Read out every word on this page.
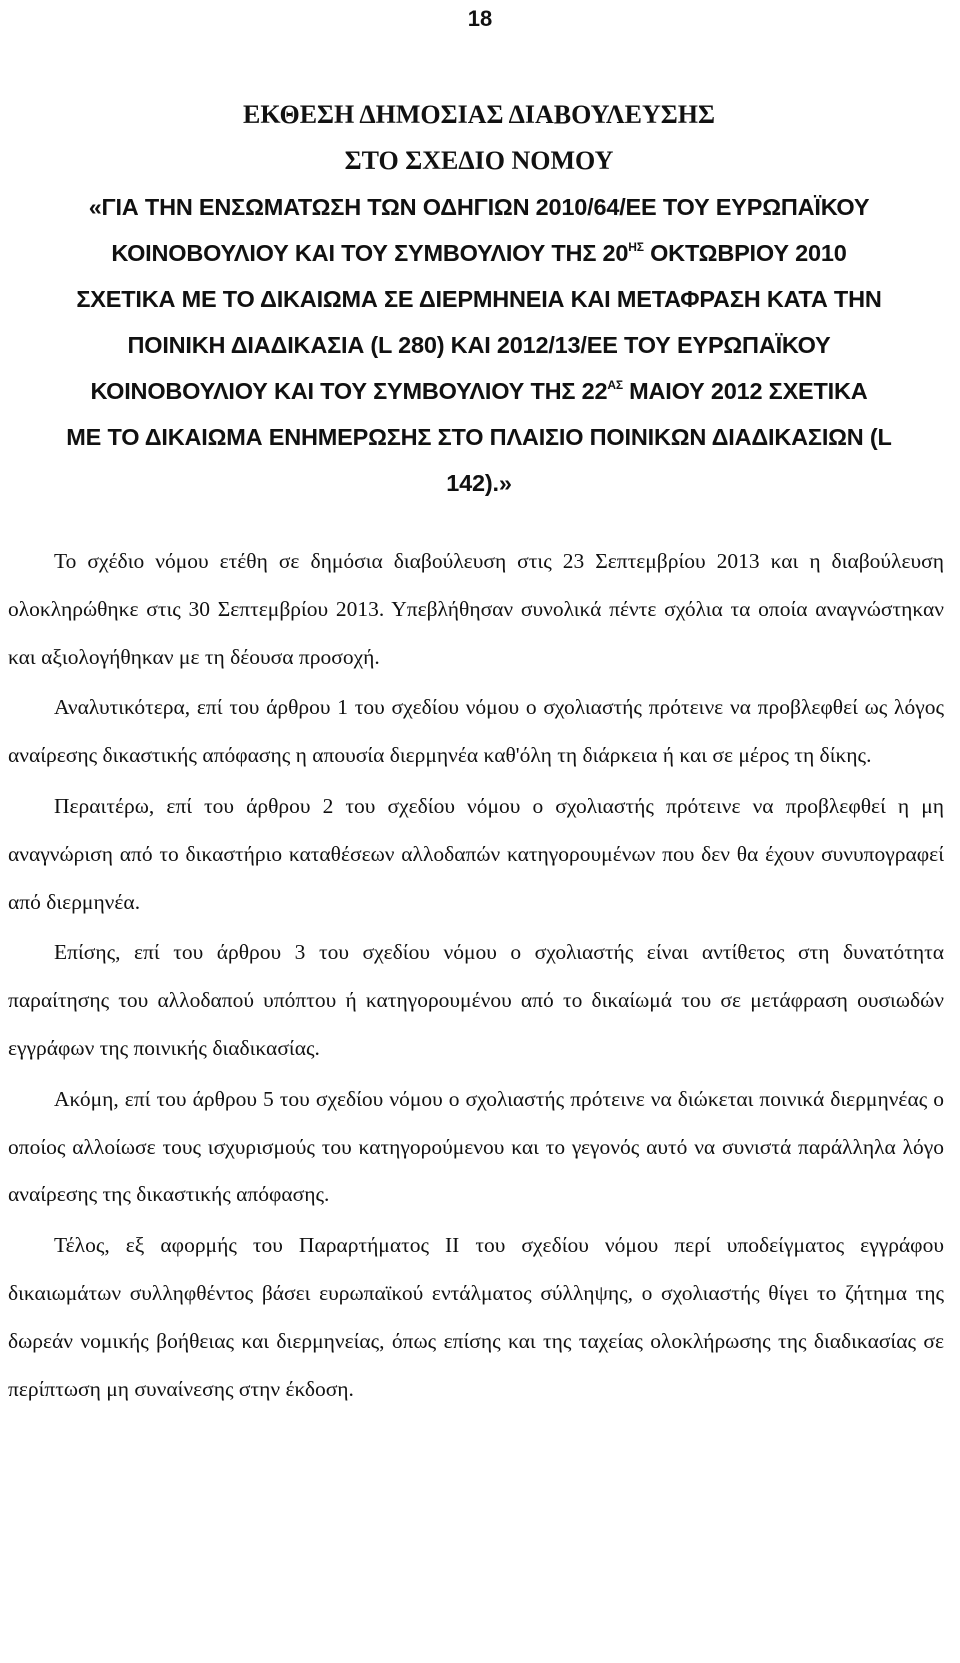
18
ΕΚΘΕΣΗ ΔΗΜΟΣΙΑΣ ΔΙΑΒΟΥΛΕΥΣΗΣ
ΣΤΟ ΣΧΕΔΙΟ ΝΟΜΟΥ
«ΓΙΑ ΤΗΝ ΕΝΣΩΜΑΤΩΣΗ ΤΩΝ ΟΔΗΓΙΩΝ 2010/64/ΕΕ ΤΟΥ ΕΥΡΩΠΑΪΚΟΥ
ΚΟΙΝΟΒΟΥΛΙΟΥ ΚΑΙ ΤΟΥ ΣΥΜΒΟΥΛΙΟΥ ΤΗΣ $20^{H\Sigma}$ ΟΚΤΩΒΡΙΟΥ 2010
ΣΧΕΤΙΚΑ ΜΕ ΤΟ ΔΙΚΑΙΩΜΑ ΣΕ ΔΙΕΡΜΗΝΕΙΑ ΚΑΙ ΜΕΤΑΦΡΑΣΗ ΚΑΤΑ ΤΗΝ
ΠΟΙΝΙΚΗ ΔΙΑΔΙΚΑΣΙΑ (L 280) ΚΑΙ 2012/13/ΕΕ ΤΟΥ ΕΥΡΩΠΑΪΚΟΥ
ΚΟΙΝΟΒΟΥΛΙΟΥ ΚΑΙ ΤΟΥ ΣΥΜΒΟΥΛΙΟΥ ΤΗΣ $22^{A\Sigma}$ ΜΑΙΟΥ 2012 ΣΧΕΤΙΚΑ
ΜΕ ΤΟ ΔΙΚΑΙΩΜΑ ΕΝΗΜΕΡΩΣΗΣ ΣΤΟ ΠΛΑΙΣΙΟ ΠΟΙΝΙΚΩΝ ΔΙΑΔΙΚΑΣΙΩΝ (L
142).»

Το σχέδιο νόμου ετέθη σε δημόσια διαβούλευση στις 23 Σεπτεμβρίου 2013 και η διαβούλευση ολοκληρώθηκε στις 30 Σεπτεμβρίου 2013. Υπεβλήθησαν συνολικά πέντε σχόλια τα οποία αναγνώστηκαν και αξιολογήθηκαν με τη δέουσα προσοχή.

Αναλυτικότερα, επί του άρθρου 1 του σχεδίου νόμου ο σχολιαστής πρότεινε να προβλεφθεί ως λόγος αναίρεσης δικαστικής απόφασης η απουσία διερμηνέα καθ'όλη τη διάρκεια ή και σε μέρος τη δίκης.

Περαιτέρω, επί του άρθρου 2 του σχεδίου νόμου ο σχολιαστής πρότεινε να προβλεφθεί η μη αναγνώριση από το δικαστήριο καταθέσεων αλλοδαπών κατηγορουμένων που δεν θα έχουν συνυπογραφεί από διερμηνέα.

Επίσης, επί του άρθρου 3 του σχεδίου νόμου ο σχολιαστής είναι αντίθετος στη δυνατότητα παραίτησης του αλλοδαπού υπόπτου ή κατηγορουμένου από το δικαίωμά του σε μετάφραση ουσιωδών εγγράφων της ποινικής διαδικασίας.

Ακόμη, επί του άρθρου 5 του σχεδίου νόμου ο σχολιαστής πρότεινε να διώκεται ποινικά διερμηνέας ο οποίος αλλοίωσε τους ισχυρισμούς του κατηγορούμενου και το γεγονός αυτό να συνιστά παράλληλα λόγο αναίρεσης της δικαστικής απόφασης.

Τέλος, εξ αφορμής του Παραρτήματος ΙΙ του σχεδίου νόμου περί υποδείγματος εγγράφου δικαιωμάτων συλληφθέντος βάσει ευρωπαϊκού εντάλματος σύλληψης, ο σχολιαστής θίγει το ζήτημα της δωρεάν νομικής βοήθειας και διερμηνείας, όπως επίσης και της ταχείας ολοκλήρωσης της διαδικασίας σε περίπτωση μη συναίνεσης στην έκδοση.
